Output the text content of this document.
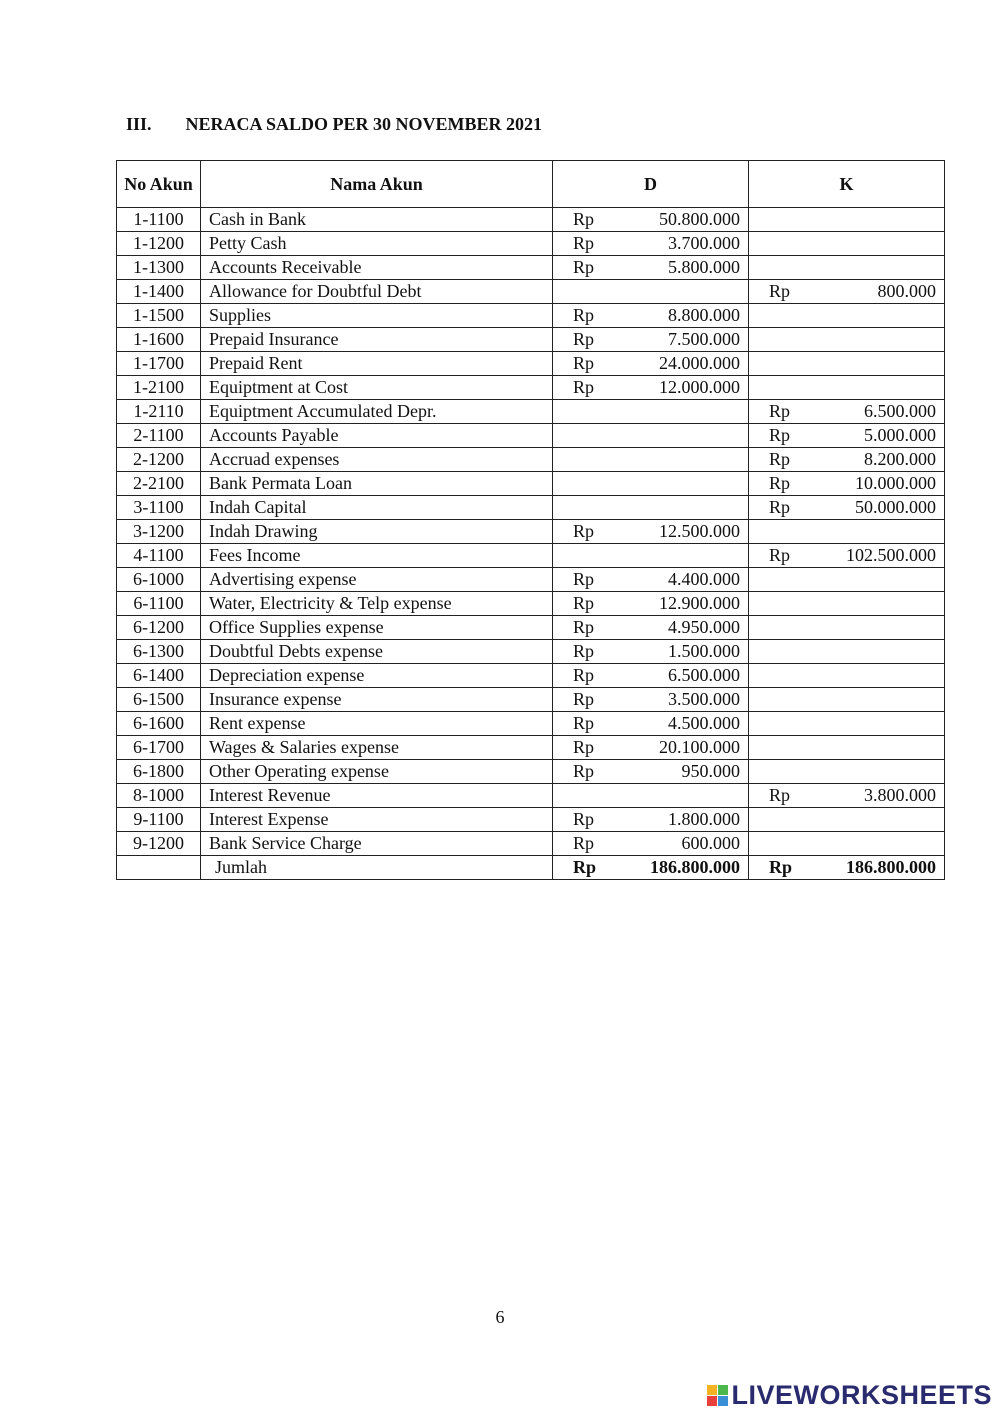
III. NERACA SALDO PER 30 NOVEMBER 2021
No Akun	Nama Akun	D	K
1-1100	Cash in Bank	Rp 50.800.000	

1-1200	Petty Cash	Rp 3.700.000	

1-1300	Accounts Receivable	Rp 5.800.000	

1-1400	Allowance for Doubtful Debt		Rp 800.000

1-1500	Supplies	Rp 8.800.000	

1-1600	Prepaid Insurance	Rp 7.500.000	

1-1700	Prepaid Rent	Rp 24.000.000	

1-2100	Equiptment at Cost	Rp 12.000.000	

1-2110	Equiptment Accumulated Depr.		Rp 6.500.000

2-1100	Accounts Payable		Rp 5.000.000

2-1200	Accruad expenses		Rp 8.200.000

2-2100	Bank Permata Loan		Rp 10.000.000

3-1100	Indah Capital		Rp 50.000.000

3-1200	Indah Drawing	Rp 12.500.000	

4-1100	Fees Income		Rp 102.500.000

6-1000	Advertising expense	Rp 4.400.000	

6-1100	Water, Electricity & Telp expense	Rp 12.900.000	

6-1200	Office Supplies expense	Rp 4.950.000	

6-1300	Doubtful Debts expense	Rp 1.500.000	

6-1400	Depreciation expense	Rp 6.500.000	

6-1500	Insurance expense	Rp 3.500.000	

6-1600	Rent expense	Rp 4.500.000	

6-1700	Wages & Salaries expense	Rp 20.100.000	

6-1800	Other Operating expense	Rp 950.000	

8-1000	Interest Revenue		Rp 3.800.000

9-1100	Interest Expense	Rp 1.800.000	

9-1200	Bank Service Charge	Rp 600.000	

	Jumlah	Rp 186.800.000	Rp 186.800.000
6
LIVEWORKSHEETS
